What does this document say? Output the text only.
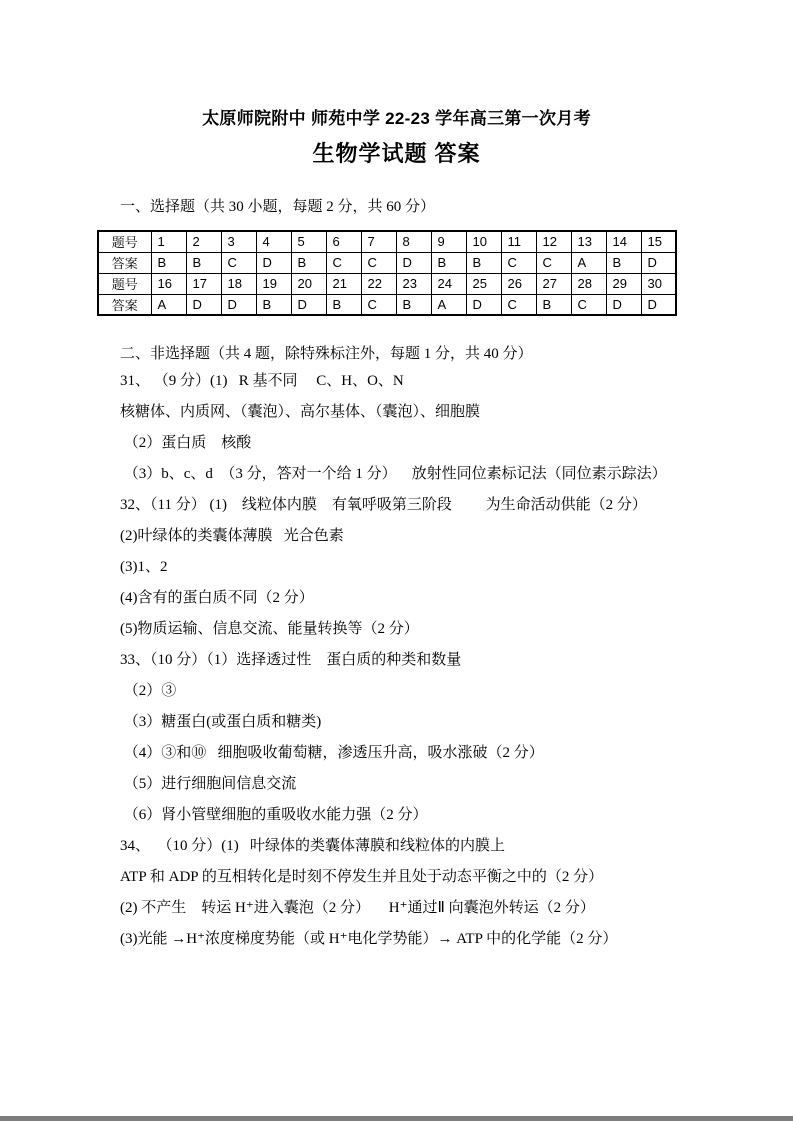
太原师院附中 师苑中学 22-23 学年高三第一次月考
生物学试题 答案
一、选择题（共 30 小题，每题 2 分，共 60 分）
题号	1	2	3	4	5	6	7	8	9	10	11	12	13	14	15
答案	B	B	C	D	B	C	C	D	B	B	C	C	A	B	D
题号	16	17	18	19	20	21	22	23	24	25	26	27	28	29	30
答案	A	D	D	B	D	B	C	B	A	D	C	B	C	D	D
二、非选择题（共 4 题，除特殊标注外，每题 1 分，共 40 分）
31、 （9 分）(1)   R 基不同     C、H、O、N
核糖体、内质网、（囊泡）、高尔基体、（囊泡）、细胞膜
（2）蛋白质    核酸
（3）b、c、d  （3 分，答对一个给 1 分）    放射性同位素标记法（同位素示踪法）
32、（11 分） (1)    线粒体内膜    有氧呼吸第三阶段         为生命活动供能（2 分）
(2)叶绿体的类囊体薄膜   光合色素
(3)1、2
(4)含有的蛋白质不同（2 分）
(5)物质运输、信息交流、能量转换等（2 分）
33、（10 分）（1）选择透过性    蛋白质的种类和数量
（2）③
（3）糖蛋白(或蛋白质和糖类)
（4）③和⑩   细胞吸收葡萄糖，渗透压升高，吸水涨破（2 分）
（5）进行细胞间信息交流
（6）肾小管壁细胞的重吸收水能力强（2 分）
34、  （10 分）(1)   叶绿体的类囊体薄膜和线粒体的内膜上
ATP 和 ADP 的互相转化是时刻不停发生并且处于动态平衡之中的（2 分）
(2) 不产生    转运 H⁺进入囊泡（2 分）     H⁺通过Ⅱ 向囊泡外转运（2 分）
(3)光能 →H⁺浓度梯度势能（或 H⁺电化学势能）→ ATP 中的化学能（2 分）
